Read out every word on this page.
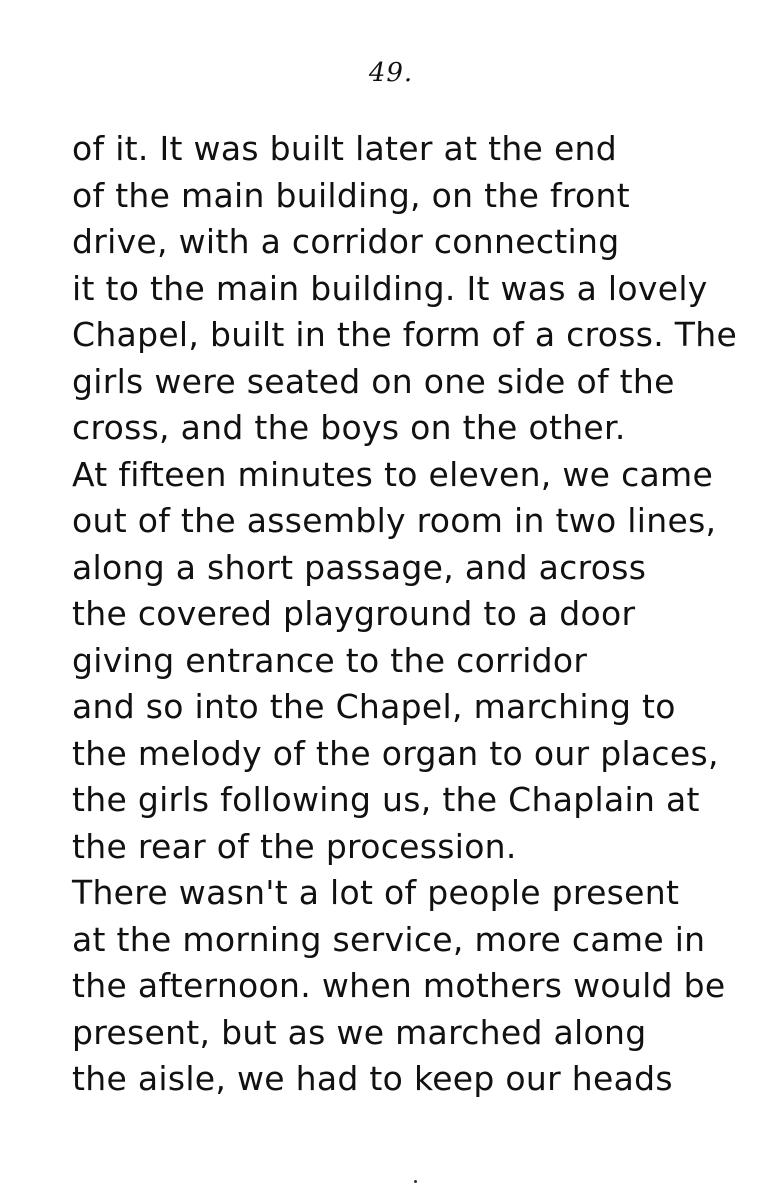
49.
of it. It was built later at the end
of the main building, on the front
drive, with a corridor connecting
it to the main building. It was a lovely
Chapel, built in the form of a cross. The
girls were seated on one side of the
cross, and the boys on the other.
At fifteen minutes to eleven, we came
out of the assembly room in two lines,
along a short passage, and across
the covered playground to a door
giving entrance to the corridor
and so into the Chapel, marching to
the melody of the organ to our places,
the girls following us, the Chaplain at
the rear of the procession.
There wasn't a lot of people present
at the morning service, more came in
the afternoon. when mothers would be
present, but as we marched along
the aisle, we had to keep our heads
